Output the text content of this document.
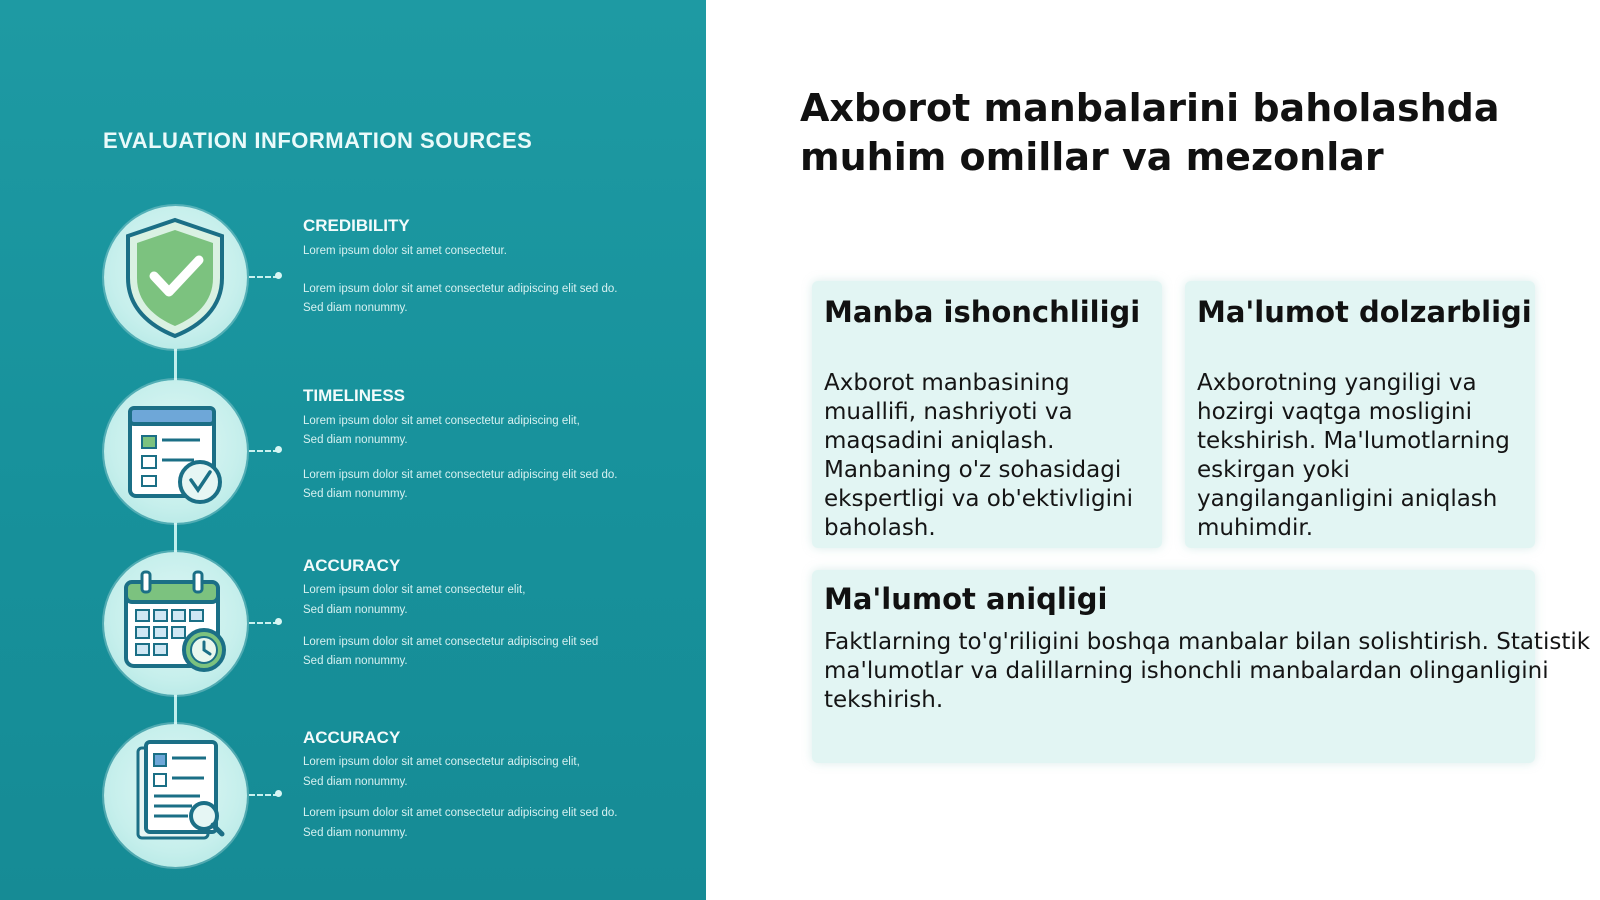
EVALUATION INFORMATION SOURCES
CREDIBILITY
Lorem ipsum dolor sit amet consectetur.
Lorem ipsum dolor sit amet consectetur adipiscing elit sed do.
Sed diam nonummy.
TIMELINESS
Lorem ipsum dolor sit amet consectetur adipiscing elit,
Sed diam nonummy.
Lorem ipsum dolor sit amet consectetur adipiscing elit sed do.
Sed diam nonummy.
ACCURACY
Lorem ipsum dolor sit amet consectetur elit,
Sed diam nonummy.
Lorem ipsum dolor sit amet consectetur adipiscing elit sed
Sed diam nonummy.
ACCURACY
Lorem ipsum dolor sit amet consectetur adipiscing elit,
Sed diam nonummy.
Lorem ipsum dolor sit amet consectetur adipiscing elit sed do.
Sed diam nonummy.
Axborot manbalarini baholashda muhim omillar va mezonlar
Manba ishonchliligi
Axborot manbasining muallifi, nashriyoti va maqsadini aniqlash. Manbaning o'z sohasidagi ekspertligi va ob'ektivligini baholash.
Ma'lumot dolzarbligi
Axborotning yangiligi va hozirgi vaqtga mosligini tekshirish. Ma'lumotlarning eskirgan yoki yangilanganligini aniqlash muhimdir.
Ma'lumot aniqligi
Faktlarning to'g'riligini boshqa manbalar bilan solishtirish. Statistik ma'lumotlar va dalillarning ishonchli manbalardan olinganligini tekshirish.
